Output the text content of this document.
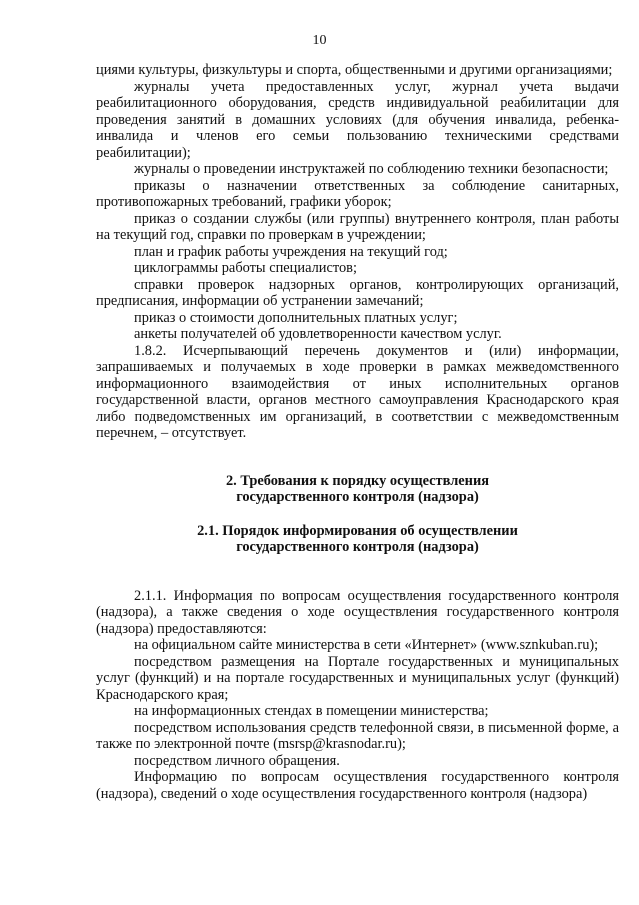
10

циями культуры, физкультуры и спорта, общественными и другими организациями;

журналы учета предоставленных услуг, журнал учета выдачи реабилитационного оборудования, средств индивидуальной реабилитации для проведения занятий в домашних условиях (для обучения инвалида, ребенка-инвалида и членов его семьи пользованию техническими средствами реабилитации);

журналы о проведении инструктажей по соблюдению техники безопасности;

приказы о назначении ответственных за соблюдение санитарных, противопожарных требований, графики уборок;

приказ о создании службы (или группы) внутреннего контроля, план работы на текущий год, справки по проверкам в учреждении;

план и график работы учреждения на текущий год;

циклограммы работы специалистов;

справки проверок надзорных органов, контролирующих организаций, предписания, информации об устранении замечаний;

приказ о стоимости дополнительных платных услуг;

анкеты получателей об удовлетворенности качеством услуг.

1.8.2. Исчерпывающий перечень документов и (или) информации, запрашиваемых и получаемых в ходе проверки в рамках межведомственного информационного взаимодействия от иных исполнительных органов государственной власти, органов местного самоуправления Краснодарского края либо подведомственных им организаций, в соответствии с межведомственным перечнем, – отсутствует.

2. Требования к порядку осуществления

государственного контроля (надзора)

2.1. Порядок информирования об осуществлении

государственного контроля (надзора)

2.1.1. Информация по вопросам осуществления государственного контроля (надзора), а также сведения о ходе осуществления государственного контроля (надзора) предоставляются:

на официальном сайте министерства в сети «Интернет» (www.sznkuban.ru);

посредством размещения на Портале государственных и муниципальных услуг (функций) и на портале государственных и муниципальных услуг (функций) Краснодарского края;

на информационных стендах в помещении министерства;

посредством использования средств телефонной связи, в письменной форме, а также по электронной почте (msrsp@krasnodar.ru);

посредством личного обращения.

Информацию по вопросам осуществления государственного контроля (надзора), сведений о ходе осуществления государственного контроля (надзора)
